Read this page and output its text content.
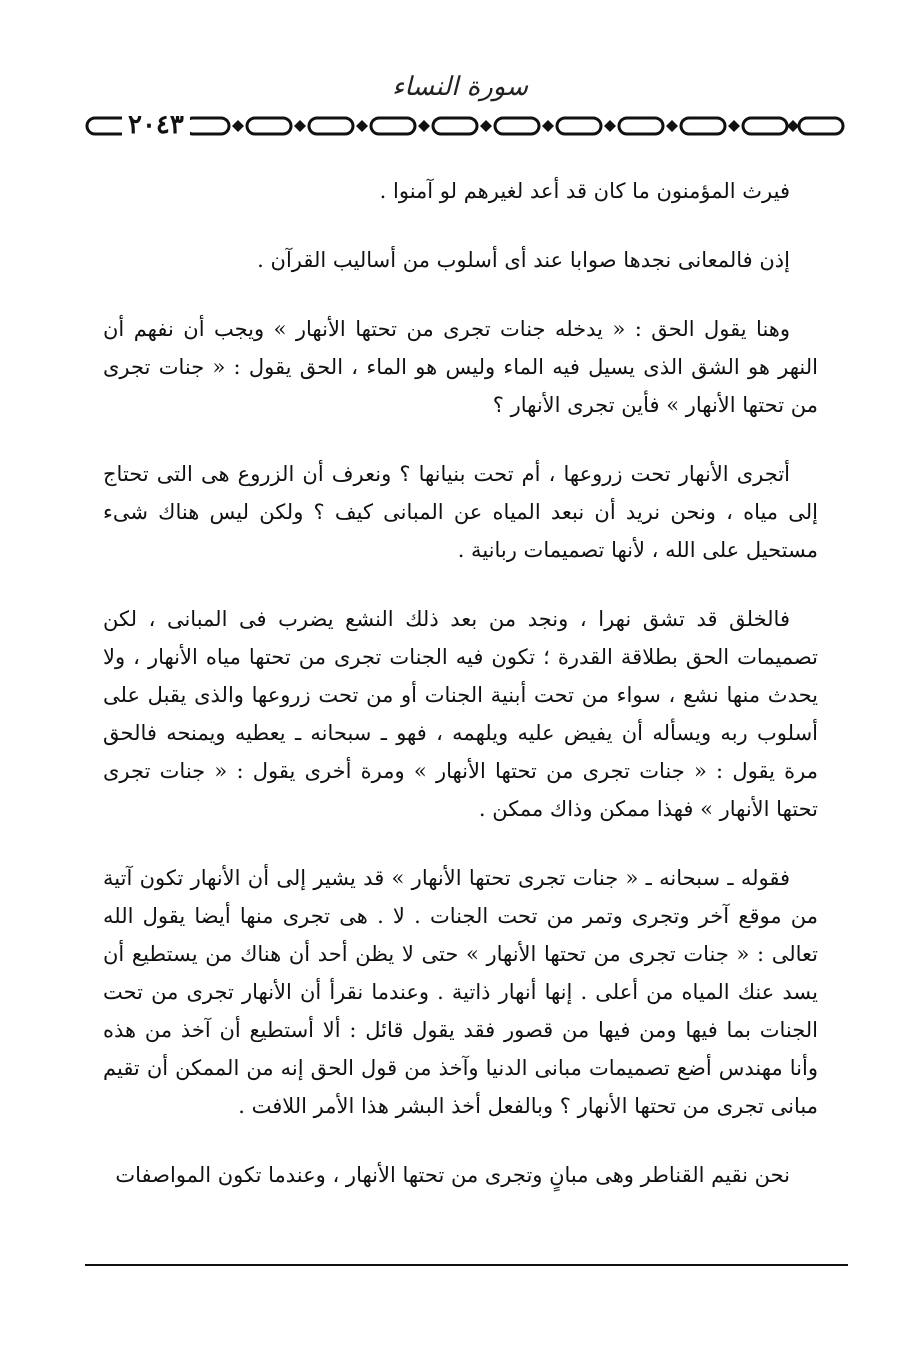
سورة النساء
٢٠٤٣

فيرث المؤمنون ما كان قد أعد لغيرهم لو آمنوا .

إذن فالمعانى نجدها صوابا عند أى أسلوب من أساليب القرآن .

وهنا يقول الحق : « يدخله جنات تجرى من تحتها الأنهار » ويجب أن نفهم أن النهر هو الشق الذى يسيل فيه الماء وليس هو الماء ، الحق يقول : « جنات تجرى من تحتها الأنهار » فأين تجرى الأنهار ؟

أتجرى الأنهار تحت زروعها ، أم تحت بنيانها ؟ ونعرف أن الزروع هى التى تحتاج إلى مياه ، ونحن نريد أن نبعد المياه عن المبانى كيف ؟ ولكن ليس هناك شىء مستحيل على الله ، لأنها تصميمات ربانية .

فالخلق قد تشق نهرا ، ونجد من بعد ذلك النشع يضرب فى المبانى ، لكن تصميمات الحق بطلاقة القدرة ؛ تكون فيه الجنات تجرى من تحتها مياه الأنهار ، ولا يحدث منها نشع ، سواء من تحت أبنية الجنات أو من تحت زروعها والذى يقبل على أسلوب ربه ويسأله أن يفيض عليه ويلهمه ، فهو ـ سبحانه ـ يعطيه ويمنحه فالحق مرة يقول : « جنات تجرى من تحتها الأنهار » ومرة أخرى يقول : « جنات تجرى تحتها الأنهار » فهذا ممكن وذاك ممكن .

فقوله ـ سبحانه ـ « جنات تجرى تحتها الأنهار » قد يشير إلى أن الأنهار تكون آتية من موقع آخر وتجرى وتمر من تحت الجنات . لا . هى تجرى منها أيضا يقول الله تعالى : « جنات تجرى من تحتها الأنهار » حتى لا يظن أحد أن هناك من يستطيع أن يسد عنك المياه من أعلى . إنها أنهار ذاتية . وعندما نقرأ أن الأنهار تجرى من تحت الجنات بما فيها ومن فيها من قصور فقد يقول قائل : ألا أستطيع أن آخذ من هذه وأنا مهندس أضع تصميمات مبانى الدنيا وآخذ من قول الحق إنه من الممكن أن تقيم مبانى تجرى من تحتها الأنهار ؟ وبالفعل أخذ البشر هذا الأمر اللافت .

نحن نقيم القناطر وهى مبانٍ وتجرى من تحتها الأنهار ، وعندما تكون المواصفات
